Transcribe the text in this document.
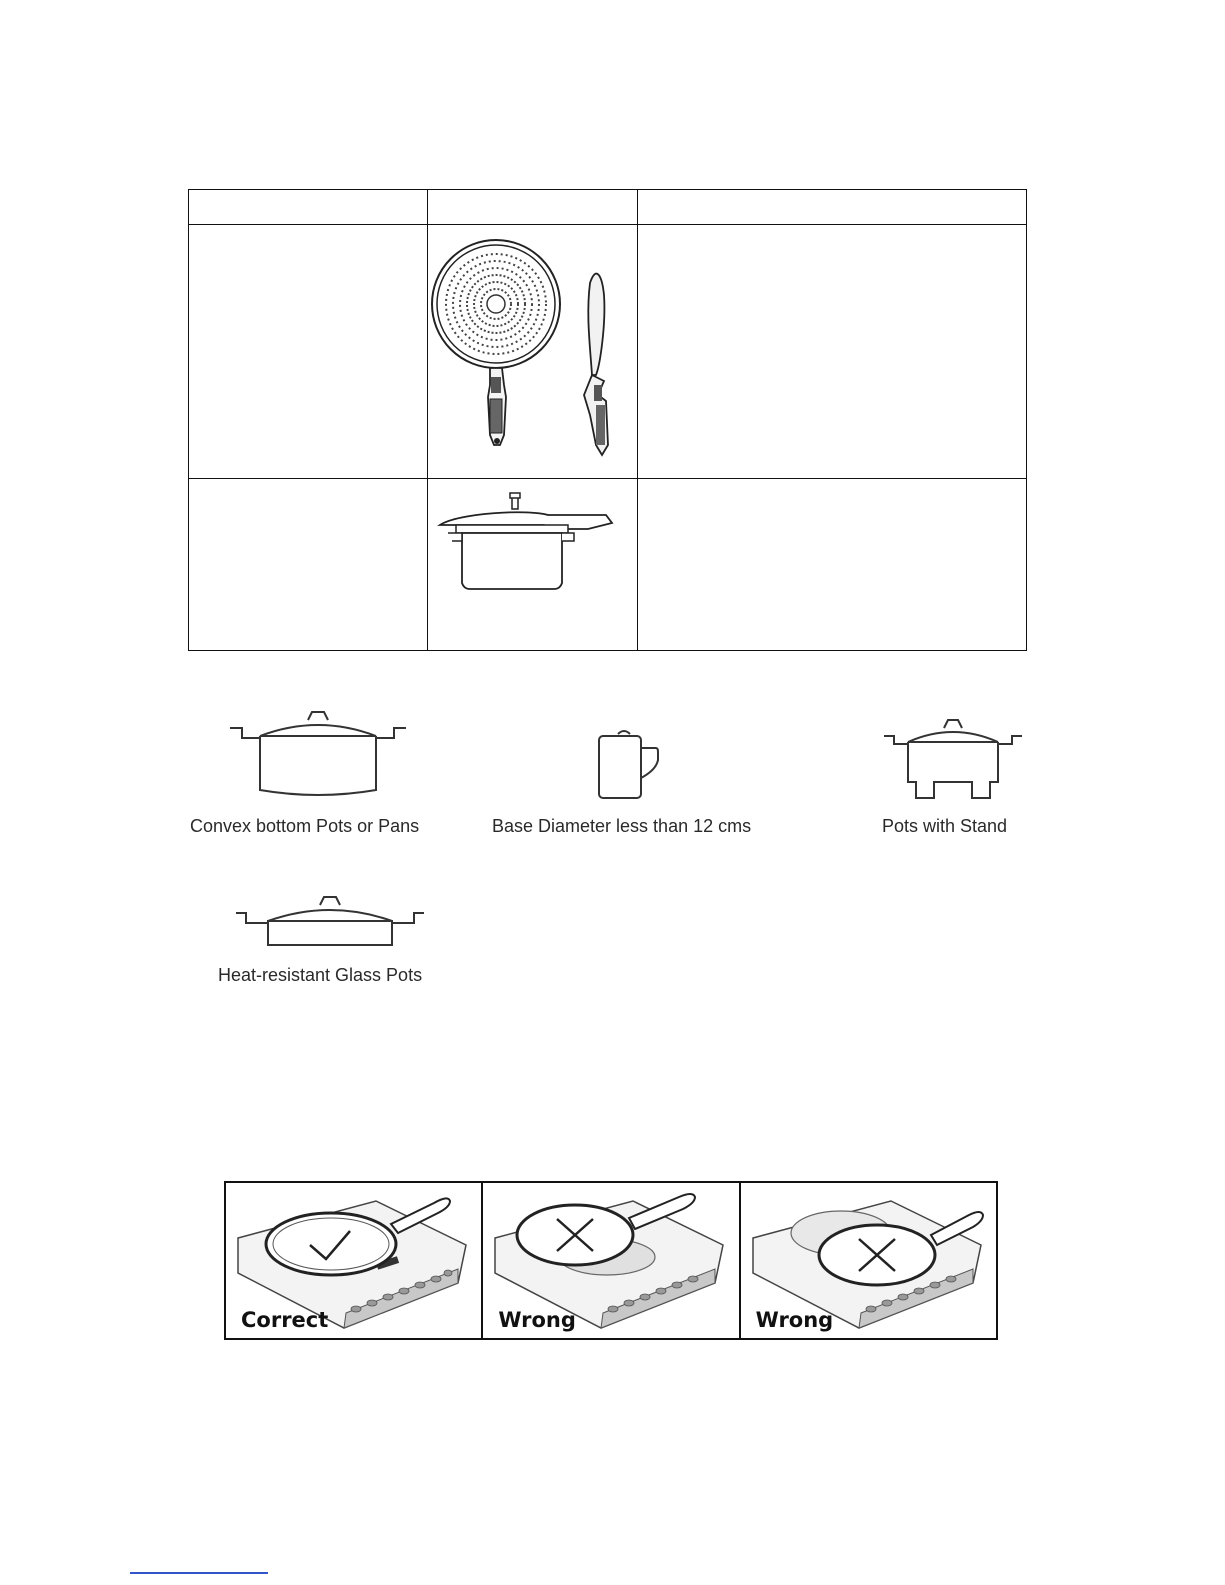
Convex bottom Pots or Pans	Base Diameter less than 12 cms	Pots with Stand
Heat-resistant Glass Pots
Correct	Wrong	Wrong
